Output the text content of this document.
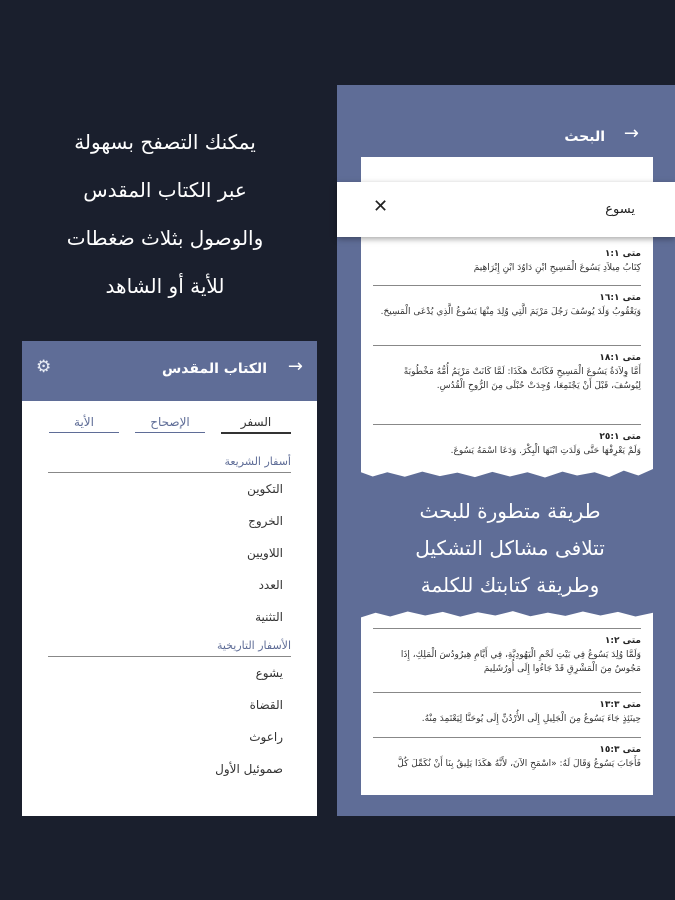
يمكنك التصفح بسهولة
عبر الكتاب المقدس
والوصول بثلاث ضغطات
للأية أو الشاهد
→
الكتاب المقدس
⚙
السفر
الإصحاح
الأية
أسفار الشريعة
التكوين
الخروج
اللاويين
العدد
التثنية
الأسفار التاريخية
يشوع
القضاة
راعوث
صموئيل الأول
→
البحث
يسوع
✕
متى ١:١
كِتَابُ مِيلاَدِ يَسُوعَ الْمَسِيحِ ابْنِ دَاوُدَ ابْنِ إِبْرَاهِيمَ
متى ١٦:١
وَيَعْقُوبُ وَلَدَ يُوسُفَ رَجُلَ مَرْيَمَ الَّتِي وُلِدَ مِنْهَا يَسُوعُ الَّذِي يُدْعَى الْمَسِيحَ.
متى ١٨:١
أَمَّا وِلاَدَةُ يَسُوعَ الْمَسِيحِ فَكَانَتْ هكَذَا: لَمَّا كَانَتْ مَرْيَمُ أُمُّهُ مَخْطُوبَةً لِيُوسُفَ، قَبْلَ أَنْ يَجْتَمِعَا، وُجِدَتْ حُبْلَى مِنَ الرُّوحِ الْقُدُسِ.
متى ٢٥:١
وَلَمْ يَعْرِفْهَا حَتَّى وَلَدَتِ ابْنَهَا الْبِكْرَ. وَدَعَا اسْمَهُ يَسُوعَ.
طريقة متطورة للبحث
تتلافى مشاكل التشكيل
وطريقة كتابتك للكلمة
متى ١:٢
وَلَمَّا وُلِدَ يَسُوعُ فِي بَيْتِ لَحْمِ الْيَهُودِيَّةِ، فِي أَيَّامِ هِيرُودُسَ الْمَلِكِ، إِذَا مَجُوسٌ مِنَ الْمَشْرِقِ قَدْ جَاءُوا إِلَى أُورُشَلِيمَ
متى ١٣:٣
حِينَئِذٍ جَاءَ يَسُوعُ مِنَ الْجَلِيلِ إِلَى الأُرْدُنِّ إِلَى يُوحَنَّا لِيَعْتَمِدَ مِنْهُ.
متى ١٥:٣
فَأَجَابَ يَسُوعُ وَقَالَ لَهُ: «اسْمَحِ الآنَ، لأَنَّهُ هكَذَا يَلِيقُ بِنَا أَنْ نُكَمِّلَ كُلَّ
